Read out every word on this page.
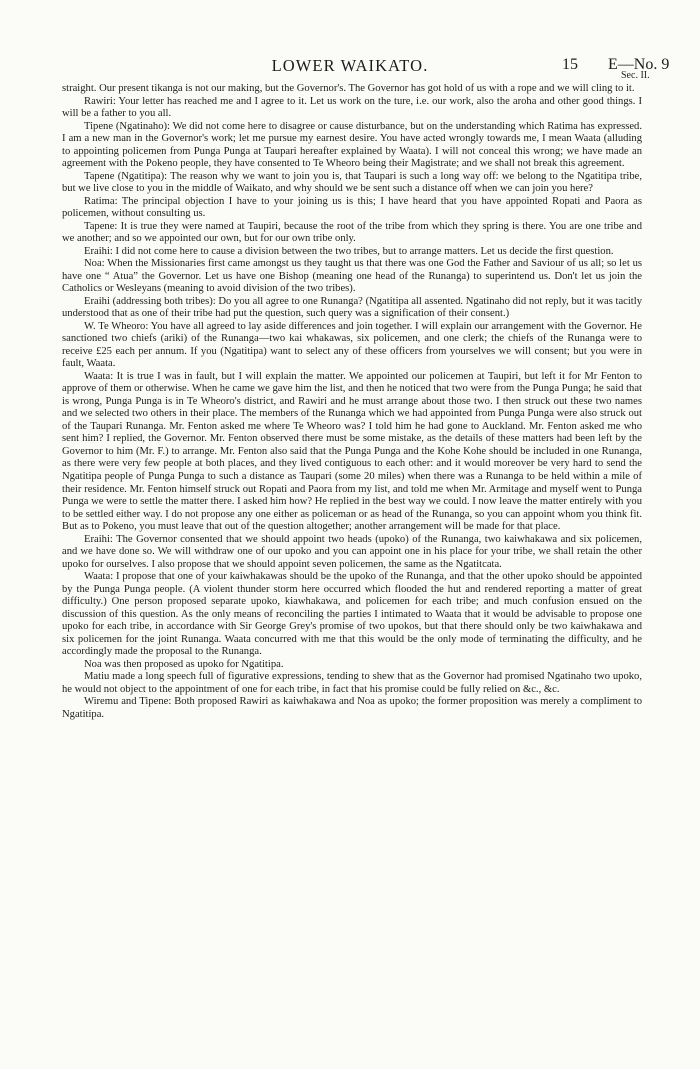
LOWER WAIKATO.	15 E—No. 9
Sec. II.

straight. Our present tikanga is not our making, but the Governor's. The Governor has got hold of us with a rope and we will cling to it.

Rawiri: Your letter has reached me and I agree to it. Let us work on the ture, i.e. our work, also the aroha and other good things. I will be a father to you all.

Tipene (Ngatinaho): We did not come here to disagree or cause disturbance, but on the understanding which Ratima has expressed. I am a new man in the Governor's work; let me pursue my earnest desire. You have acted wrongly towards me, I mean Waata (alluding to appointing policemen from Punga Punga at Taupari hereafter explained by Waata). I will not conceal this wrong; we have made an agreement with the Pokeno people, they have consented to Te Wheoro being their Magistrate; and we shall not break this agreement.

Tapene (Ngatitipa): The reason why we want to join you is, that Taupari is such a long way off: we belong to the Ngatitipa tribe, but we live close to you in the middle of Waikato, and why should we be sent such a distance off when we can join you here?

Ratima: The principal objection I have to your joining us is this; I have heard that you have appointed Ropati and Paora as policemen, without consulting us.

Tapene: It is true they were named at Taupiri, because the root of the tribe from which they spring is there. You are one tribe and we another; and so we appointed our own, but for our own tribe only.

Eraihi: I did not come here to cause a division between the two tribes, but to arrange matters. Let us decide the first question.

Noa: When the Missionaries first came amongst us they taught us that there was one God the Father and Saviour of us all; so let us have one “ Atua” the Governor. Let us have one Bishop (meaning one head of the Runanga) to superintend us. Don't let us join the Catholics or Wesleyans (meaning to avoid division of the two tribes).

Eraihi (addressing both tribes): Do you all agree to one Runanga? (Ngatitipa all assented. Ngatinaho did not reply, but it was tacitly understood that as one of their tribe had put the question, such query was a signification of their consent.)

W. Te Wheoro: You have all agreed to lay aside differences and join together. I will explain our arrangement with the Governor. He sanctioned two chiefs (ariki) of the Runanga—two kai whakawas, six policemen, and one clerk; the chiefs of the Runanga were to receive £25 each per annum. If you (Ngatitipa) want to select any of these officers from yourselves we will consent; but you were in fault, Waata.

Waata: It is true I was in fault, but I will explain the matter. We appointed our policemen at Taupiri, but left it for Mr Fenton to approve of them or otherwise. When he came we gave him the list, and then he noticed that two were from the Punga Punga; he said that is wrong, Punga Punga is in Te Wheoro's district, and Rawiri and he must arrange about those two. I then struck out these two names and we selected two others in their place. The members of the Runanga which we had appointed from Punga Punga were also struck out of the Taupari Runanga. Mr. Fenton asked me where Te Wheoro was? I told him he had gone to Auckland. Mr. Fenton asked me who sent him? I replied, the Governor. Mr. Fenton observed there must be some mistake, as the details of these matters had been left by the Governor to him (Mr. F.) to arrange. Mr. Fenton also said that the Punga Punga and the Kohe Kohe should be included in one Runanga, as there were very few people at both places, and they lived contiguous to each other: and it would moreover be very hard to send the Ngatitipa people of Punga Punga to such a distance as Taupari (some 20 miles) when there was a Runanga to be held within a mile of their residence. Mr. Fenton himself struck out Ropati and Paora from my list, and told me when Mr. Armitage and myself went to Punga Punga we were to settle the matter there. I asked him how? He replied in the best way we could. I now leave the matter entirely with you to be settled either way. I do not propose any one either as policeman or as head of the Runanga, so you can appoint whom you think fit. But as to Pokeno, you must leave that out of the question altogether; another arrangement will be made for that place.

Eraihi: The Governor consented that we should appoint two heads (upoko) of the Runanga, two kaiwhakawa and six policemen, and we have done so. We will withdraw one of our upoko and you can appoint one in his place for your tribe, we shall retain the other upoko for ourselves. I also propose that we should appoint seven policemen, the same as the Ngatitcata.

Waata: I propose that one of your kaiwhakawas should be the upoko of the Runanga, and that the other upoko should be appointed by the Punga Punga people. (A violent thunder storm here occurred which flooded the hut and rendered reporting a matter of great difficulty.) One person proposed separate upoko, kiawhakawa, and policemen for each tribe; and much confusion ensued on the discussion of this question. As the only means of reconciling the parties I intimated to Waata that it would be advisable to propose one upoko for each tribe, in accordance with Sir George Grey's promise of two upokos, but that there should only be two kaiwhakawa and six policemen for the joint Runanga. Waata concurred with me that this would be the only mode of terminating the difficulty, and he accordingly made the proposal to the Runanga.

Noa was then proposed as upoko for Ngatitipa.

Matiu made a long speech full of figurative expressions, tending to shew that as the Governor had promised Ngatinaho two upoko, he would not object to the appointment of one for each tribe, in fact that his promise could be fully relied on &c., &c.

Wiremu and Tipene: Both proposed Rawiri as kaiwhakawa and Noa as upoko; the former proposition was merely a compliment to Ngatitipa.
